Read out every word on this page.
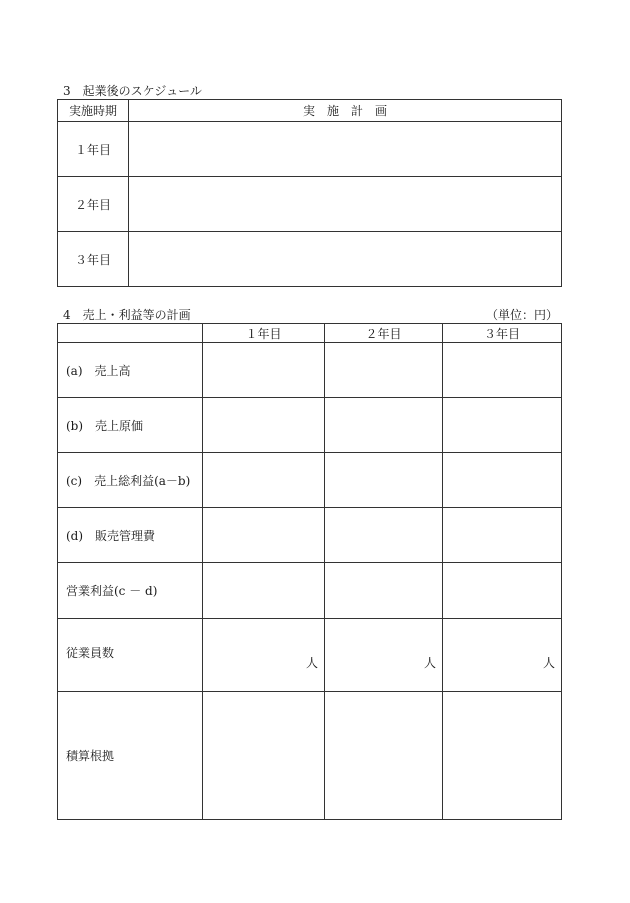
3　起業後のスケジュール
実施時期	実　施　計　画
１年目	
２年目	
３年目	
4　売上・利益等の計画	（単位：円）
	１年目	２年目	３年目
(a)　売上高			
(b)　売上原価			
(c)　売上総利益(a－b)			
(d)　販売管理費			
営業利益(c － d)			
従業員数	人	人	人
積算根拠			
